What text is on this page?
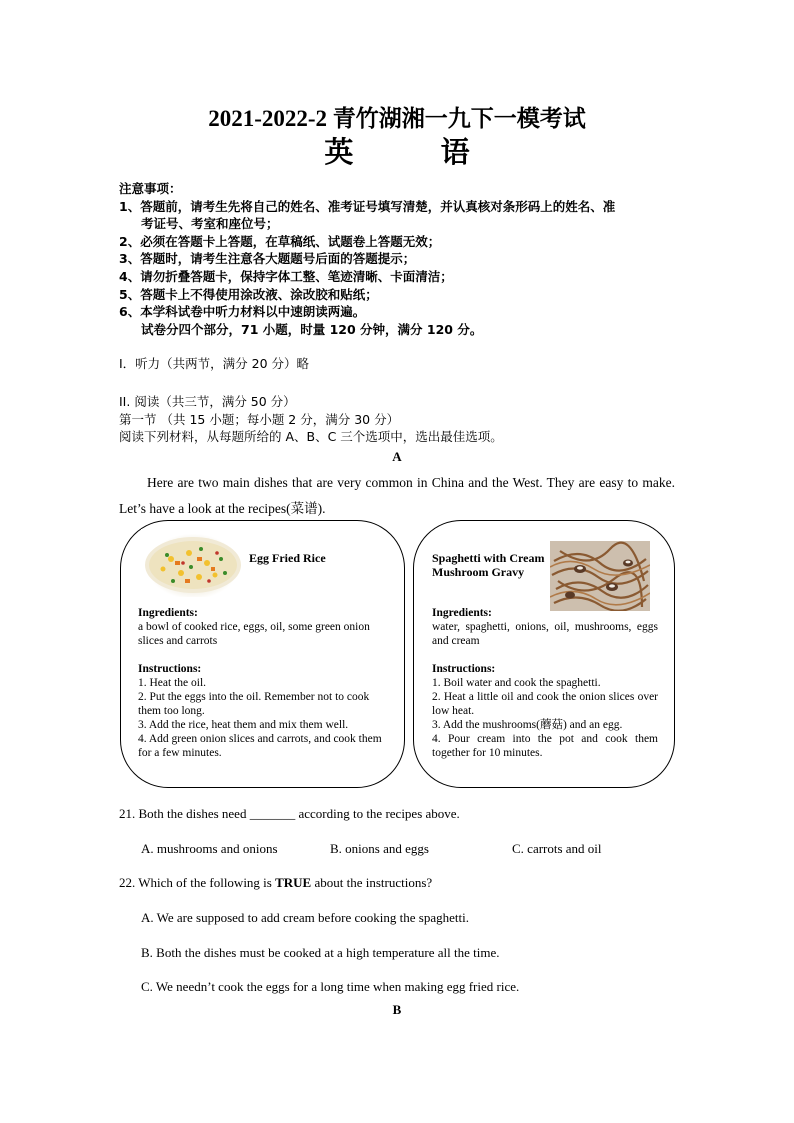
2021-2022-2 青竹湖湘一九下一模考试
英 语
注意事项：
1、答题前，请考生先将自己的姓名、准考证号填写清楚，并认真核对条形码上的姓名、准
考证号、考室和座位号；
2、必须在答题卡上答题，在草稿纸、试题卷上答题无效；
3、答题时，请考生注意各大题题号后面的答题提示；
4、请勿折叠答题卡，保持字体工整、笔迹清晰、卡面清洁；
5、答题卡上不得使用涂改液、涂改胶和贴纸；
6、本学科试卷中听力材料以中速朗读两遍。
试卷分四个部分，71 小题，时量 120 分钟，满分 120 分。
I．听力（共两节，满分 20 分）略
II. 阅读（共三节，满分 50 分）
第一节 （共 15 小题；每小题 2 分，满分 30 分）
阅读下列材料，从每题所给的 A、B、C 三个选项中，选出最佳选项。
A
Here are two main dishes that are very common in China and the West. They are easy to make. Let’s have a look at the recipes(菜谱).
Egg Fried Rice
Ingredients:
a bowl of cooked rice, eggs, oil, some green onion slices and carrots
Instructions:
1. Heat the oil.
2. Put the eggs into the oil. Remember not to cook them too long.
3. Add the rice, heat them and mix them well.
4. Add green onion slices and carrots, and cook them for a few minutes.
Spaghetti with Cream Mushroom Gravy
Ingredients:
water, spaghetti, onions, oil, mushrooms, eggs and cream
Instructions:
1. Boil water and cook the spaghetti.
2. Heat a little oil and cook the onion slices over low heat.
3. Add the mushrooms(蘑菇) and an egg.
4. Pour cream into the pot and cook them together for 10 minutes.
21. Both the dishes need _______ according to the recipes above.
A. mushrooms and onions	B. onions and eggs	C. carrots and oil
22. Which of the following is TRUE about the instructions?
A. We are supposed to add cream before cooking the spaghetti.
B. Both the dishes must be cooked at a high temperature all the time.
C. We needn’t cook the eggs for a long time when making egg fried rice.
B
